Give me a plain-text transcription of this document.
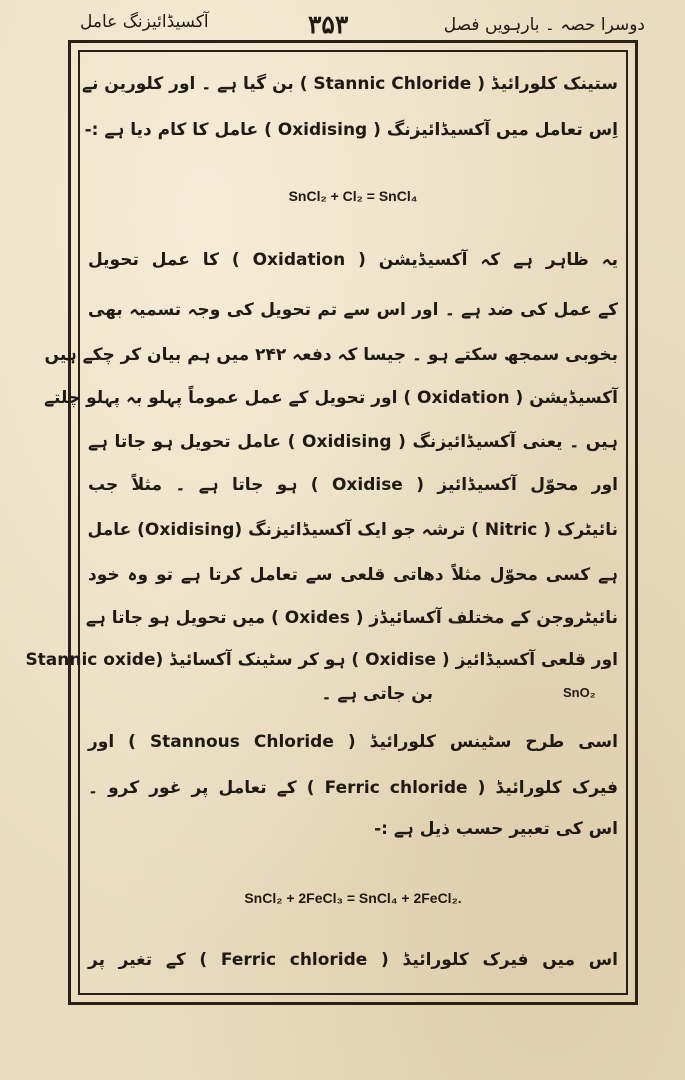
دوسرا حصہ ۔ بارہویں فصل
۳۵۳
آکسیڈائیزنگ عامل
ستینک کلورائیڈ ( Stannic Chloride ) بن گیا ہے ۔ اور کلورین نے
اِس تعامل میں آکسیڈائیزنگ ( Oxidising ) عامل کا کام دیا ہے :-
SnCl₂ + Cl₂ = SnCl₄
یہ ظاہر ہے کہ آکسیڈیشن ( Oxidation ) کا عمل تحویل
کے عمل کی ضد ہے ۔ اور اس سے تم تحویل کی وجہ تسمیہ بھی
بخوبی سمجھ سکتے ہو ۔ جیسا کہ دفعہ ۲۴۲ میں ہم بیان کر چکے ہیں
آکسیڈیشن ( Oxidation ) اور تحویل کے عمل عموماً پہلو بہ پہلو چلتے
ہیں ۔ یعنی آکسیڈائیزنگ ( Oxidising ) عامل تحویل ہو جاتا ہے
اور محوّل آکسیڈائیز ( Oxidise ) ہو جاتا ہے ۔ مثلاً جب
نائیٹرک ( Nitric ) ترشہ جو ایک آکسیڈائیزنگ (Oxidising) عامل
ہے کسی محوّل مثلاً دھاتی قلعی سے تعامل کرتا ہے تو وہ خود
نائیٹروجن کے مختلف آکسائیڈز ( Oxides ) میں تحویل ہو جاتا ہے
اور قلعی آکسیڈائیز ( Oxidise ) ہو کر سٹینک آکسائیڈ (Stannic oxide
بن جاتی ہے ۔	SnO₂
اسی طرح سٹینس کلورائیڈ ( Stannous Chloride ) اور
فیرک کلورائیڈ ( Ferric chloride ) کے تعامل پر غور کرو ۔
اس کی تعبیر حسب ذیل ہے :-
SnCl₂ + 2FeCl₃ = SnCl₄ + 2FeCl₂.
اس میں فیرک کلورائیڈ ( Ferric chloride ) کے تغیر پر
